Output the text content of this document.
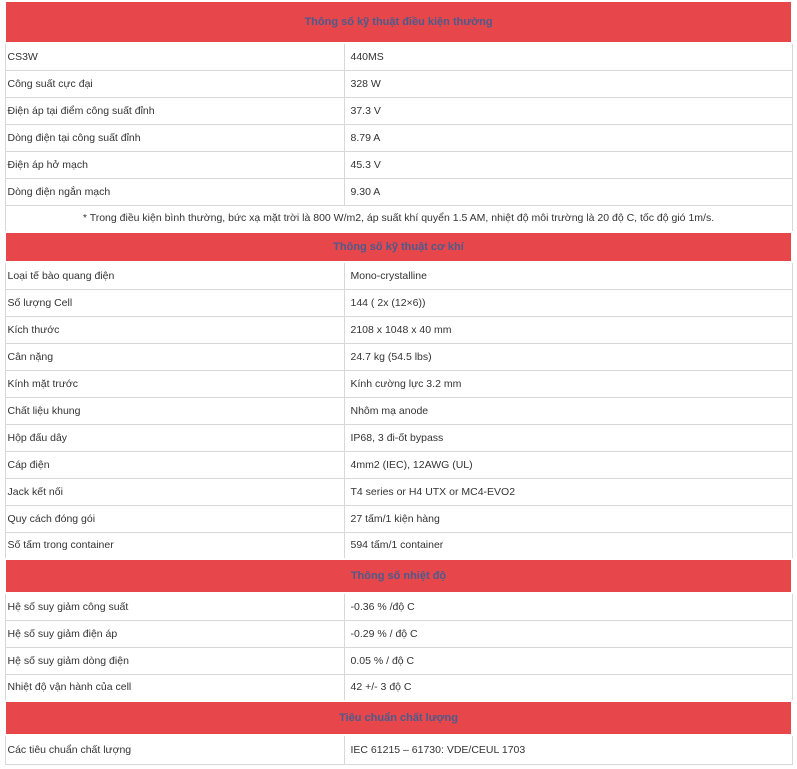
Thông số kỹ thuật điều kiện thường	
CS3W	440MS
Công suất cực đại	328 W
Điện áp tại điểm công suất đỉnh	37.3 V
Dòng điện tại công suất đỉnh	8.79 A
Điện áp hở mạch	45.3 V
Dòng điện ngắn mạch	9.30 A
* Trong điều kiện bình thường, bức xạ mặt trời là 800 W/m2, áp suất khí quyển 1.5 AM, nhiệt độ môi trường là 20 độ C, tốc độ gió 1m/s.	
Thông số kỹ thuật cơ khí	
Loại tế bào quang điện	Mono-crystalline
Số lượng Cell	144 ( 2x (12×6))
Kích thước	2108 x 1048 x 40 mm
Cân nặng	24.7 kg (54.5 lbs)
Kính mặt trước	Kính cường lực 3.2 mm
Chất liệu khung	Nhôm mạ anode
Hộp đấu dây	IP68, 3 đi-ốt bypass
Cáp điện	4mm2 (IEC), 12AWG (UL)
Jack kết nối	T4 series or H4 UTX or MC4-EVO2
Quy cách đóng gói	27 tấm/1 kiện hàng
Số tấm trong container	594 tấm/1 container
Thông số nhiệt độ	
Hệ số suy giảm công suất	-0.36 % /độ C
Hệ số suy giảm điện áp	-0.29 % / độ C
Hệ số suy giảm dòng điện	0.05 % / độ C
Nhiệt độ vận hành của cell	42 +/- 3 độ C
Tiêu chuẩn chất lượng	
Các tiêu chuẩn chất lượng	IEC 61215 – 61730: VDE/CEUL 1703
